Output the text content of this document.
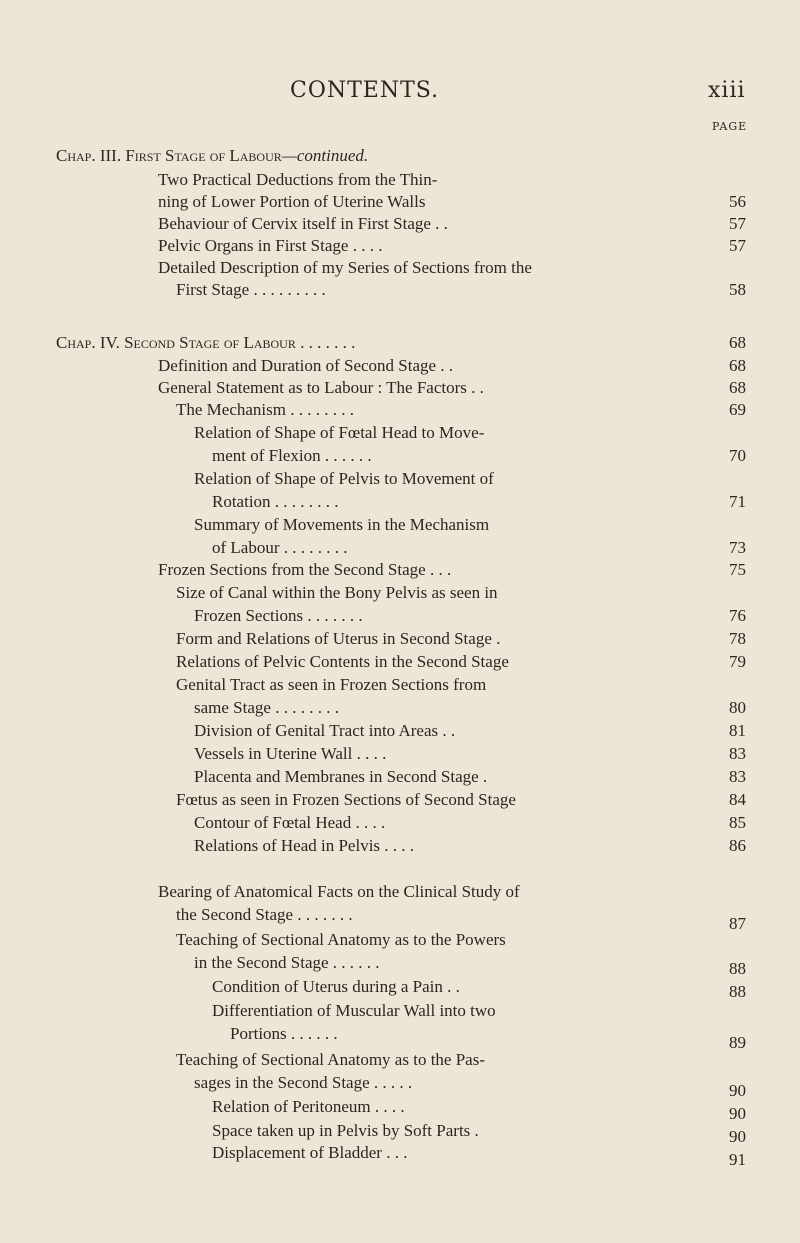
CONTENTS.	xiii
PAGE
Chap. III. First Stage of Labour—continued.
Two Practical Deductions from the Thin-
ning of Lower Portion of Uterine Walls	56
Behaviour of Cervix itself in First Stage . .	57
Pelvic Organs in First Stage . . . .	57
Detailed Description of my Series of Sections from the
First Stage . . . . . . . . .	58
Chap. IV. Second Stage of Labour . . . . . . .	68
Definition and Duration of Second Stage . .	68
General Statement as to Labour : The Factors . .	68
The Mechanism . . . . . . . .	69
Relation of Shape of Fœtal Head to Move-
ment of Flexion . . . . . .	70
Relation of Shape of Pelvis to Movement of
Rotation . . . . . . . .	71
Summary of Movements in the Mechanism
of Labour . . . . . . . .	73
Frozen Sections from the Second Stage . . .	75
Size of Canal within the Bony Pelvis as seen in
Frozen Sections . . . . . . .	76
Form and Relations of Uterus in Second Stage .	78
Relations of Pelvic Contents in the Second Stage	79
Genital Tract as seen in Frozen Sections from
same Stage . . . . . . . .	80
Division of Genital Tract into Areas . .	81
Vessels in Uterine Wall . . . .	83
Placenta and Membranes in Second Stage .	83
Fœtus as seen in Frozen Sections of Second Stage	84
Contour of Fœtal Head . . . .	85
Relations of Head in Pelvis . . . .	86
Bearing of Anatomical Facts on the Clinical Study of
the Second Stage . . . . . . .	87
Teaching of Sectional Anatomy as to the Powers
in the Second Stage . . . . . .	88
Condition of Uterus during a Pain . .	88
Differentiation of Muscular Wall into two
Portions . . . . . .	89
Teaching of Sectional Anatomy as to the Pas-
sages in the Second Stage . . . . .	90
Relation of Peritoneum . . . .	90
Space taken up in Pelvis by Soft Parts .	90
Displacement of Bladder . . .	91
